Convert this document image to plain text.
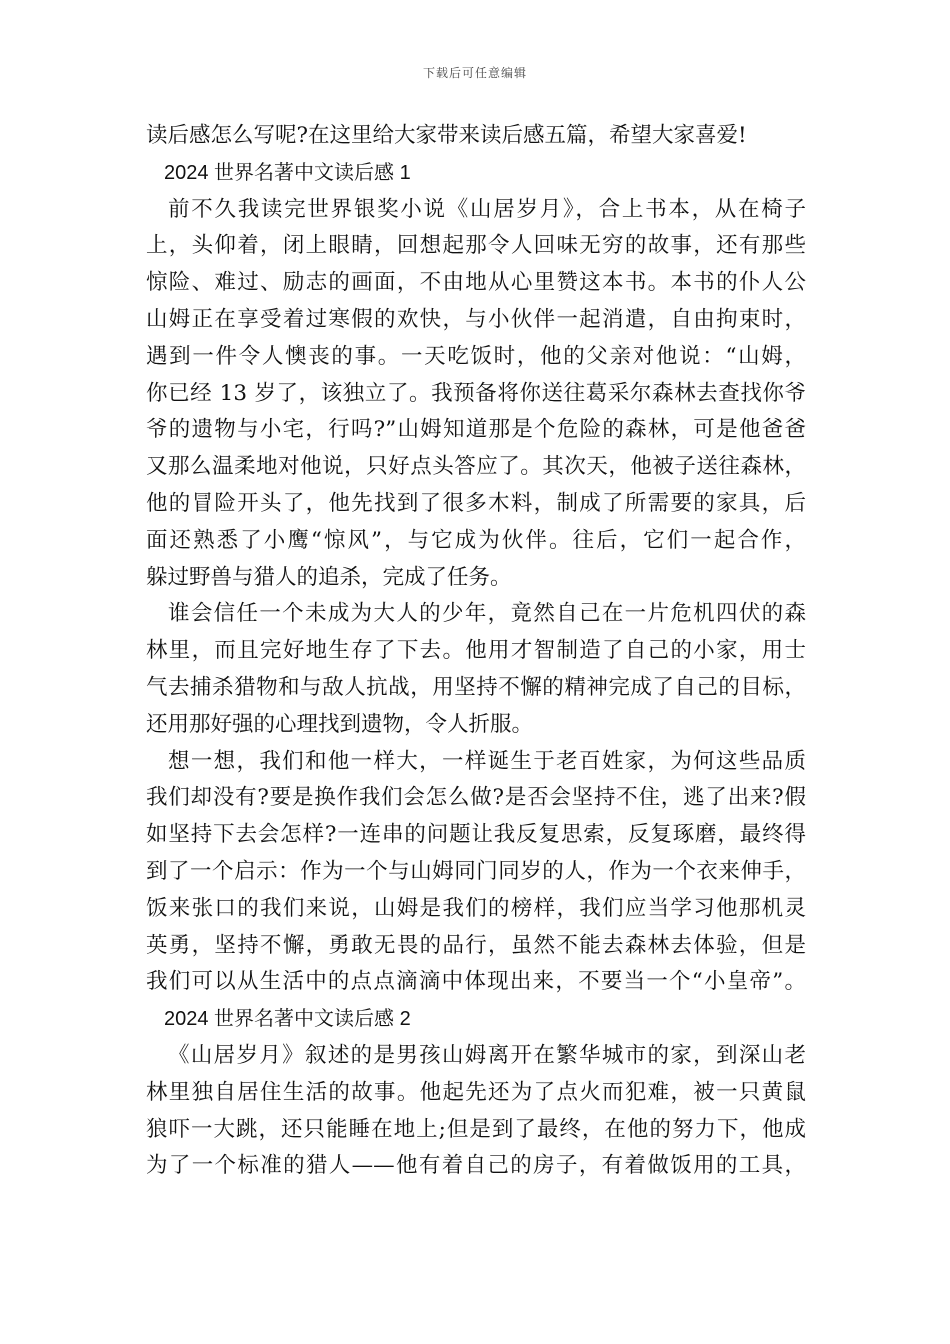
下载后可任意编辑
读后感怎么写呢?在这里给大家带来读后感五篇，希望大家喜爱!
2024 世界名著中文读后感 1
前不久我读完世界银奖小说《山居岁月》，合上书本，从在椅子
上，头仰着，闭上眼睛，回想起那令人回味无穷的故事，还有那些
惊险、难过、励志的画面，不由地从心里赞这本书。本书的仆人公
山姆正在享受着过寒假的欢快，与小伙伴一起消遣，自由拘束时，
遇到一件令人懊丧的事。一天吃饭时，他的父亲对他说：“山姆，
你已经 13 岁了，该独立了。我预备将你送往葛采尔森林去查找你爷
爷的遗物与小宅，行吗?”山姆知道那是个危险的森林，可是他爸爸
又那么温柔地对他说，只好点头答应了。其次天，他被子送往森林，
他的冒险开头了，他先找到了很多木料，制成了所需要的家具，后
面还熟悉了小鹰“惊风”，与它成为伙伴。往后，它们一起合作，
躲过野兽与猎人的追杀，完成了任务。
谁会信任一个未成为大人的少年，竟然自己在一片危机四伏的森
林里，而且完好地生存了下去。他用才智制造了自己的小家，用士
气去捕杀猎物和与敌人抗战，用坚持不懈的精神完成了自己的目标，
还用那好强的心理找到遗物，令人折服。
想一想，我们和他一样大，一样诞生于老百姓家，为何这些品质
我们却没有?要是换作我们会怎么做?是否会坚持不住，逃了出来?假
如坚持下去会怎样?一连串的问题让我反复思索，反复琢磨，最终得
到了一个启示：作为一个与山姆同门同岁的人，作为一个衣来伸手，
饭来张口的我们来说，山姆是我们的榜样，我们应当学习他那机灵
英勇，坚持不懈，勇敢无畏的品行，虽然不能去森林去体验，但是
我们可以从生活中的点点滴滴中体现出来，不要当一个“小皇帝”。
2024 世界名著中文读后感 2
《山居岁月》叙述的是男孩山姆离开在繁华城市的家，到深山老
林里独自居住生活的故事。他起先还为了点火而犯难，被一只黄鼠
狼吓一大跳，还只能睡在地上;但是到了最终，在他的努力下，他成
为了一个标准的猎人——他有着自己的房子，有着做饭用的工具，
